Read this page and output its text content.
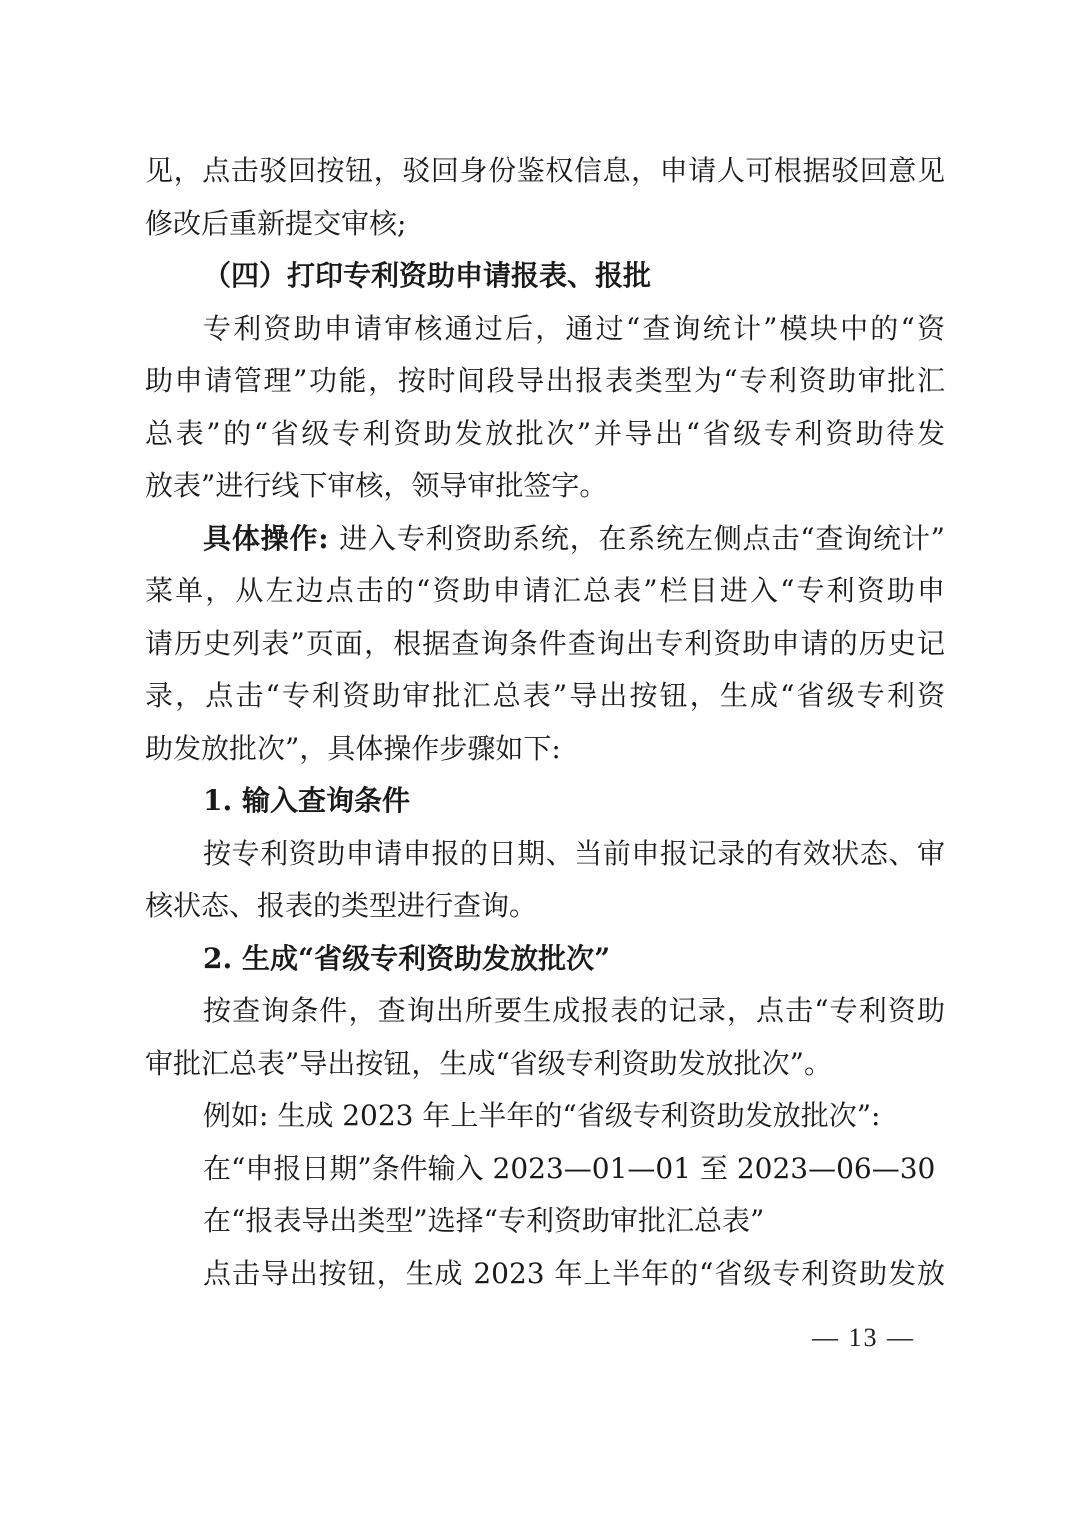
见，点击驳回按钮，驳回身份鉴权信息，申请人可根据驳回意见
修改后重新提交审核;
（四）打印专利资助申请报表、报批
专利资助申请审核通过后，通过“查询统计”模块中的“资
助申请管理”功能，按时间段导出报表类型为“专利资助审批汇
总表”的“省级专利资助发放批次”并导出“省级专利资助待发
放表”进行线下审核，领导审批签字。
具体操作: 进入专利资助系统，在系统左侧点击“查询统计”
菜单，从左边点击的“资助申请汇总表”栏目进入“专利资助申
请历史列表”页面，根据查询条件查询出专利资助申请的历史记
录，点击“专利资助审批汇总表”导出按钮，生成“省级专利资
助发放批次”，具体操作步骤如下:
1. 输入查询条件
按专利资助申请申报的日期、当前申报记录的有效状态、审
核状态、报表的类型进行查询。
2. 生成“省级专利资助发放批次”
按查询条件，查询出所要生成报表的记录，点击“专利资助
审批汇总表”导出按钮，生成“省级专利资助发放批次”。
例如: 生成 2023 年上半年的“省级专利资助发放批次”:
在“申报日期”条件输入 2023—01—01 至 2023—06—30
在“报表导出类型”选择“专利资助审批汇总表”
点击导出按钮，生成 2023 年上半年的“省级专利资助发放
— 13 —
